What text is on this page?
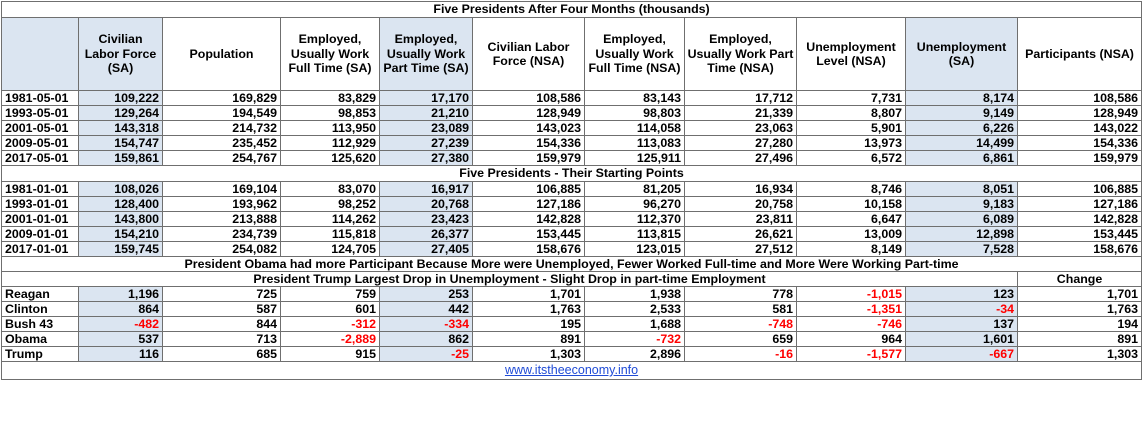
Five Presidents After Four Months (thousands)										
	Civilian Labor Force (SA)	Population	Employed, Usually Work Full Time (SA)	Employed, Usually Work Part Time (SA)	Civilian Labor Force (NSA)	Employed, Usually Work Full Time (NSA)	Employed, Usually Work Part Time (NSA)	Unemployment Level (NSA)	Unemployment (SA)	Participants (NSA)
1981-05-01	109,222	169,829	83,829	17,170	108,586	83,143	17,712	7,731	8,174	108,586
1993-05-01	129,264	194,549	98,853	21,210	128,949	98,803	21,339	8,807	9,149	128,949
2001-05-01	143,318	214,732	113,950	23,089	143,023	114,058	23,063	5,901	6,226	143,022
2009-05-01	154,747	235,452	112,929	27,239	154,336	113,083	27,280	13,973	14,499	154,336
2017-05-01	159,861	254,767	125,620	27,380	159,979	125,911	27,496	6,572	6,861	159,979
Five Presidents - Their Starting Points										
1981-01-01	108,026	169,104	83,070	16,917	106,885	81,205	16,934	8,746	8,051	106,885
1993-01-01	128,400	193,962	98,252	20,768	127,186	96,270	20,758	10,158	9,183	127,186
2001-01-01	143,800	213,888	114,262	23,423	142,828	112,370	23,811	6,647	6,089	142,828
2009-01-01	154,210	234,739	115,818	26,377	153,445	113,815	26,621	13,009	12,898	153,445
2017-01-01	159,745	254,082	124,705	27,405	158,676	123,015	27,512	8,149	7,528	158,676
President Obama had more Participant Because More were Unemployed, Fewer Worked Full-time and More Were Working Part-time										
President Trump Largest Drop in Unemployment - Slight Drop in part-time Employment										Change
Reagan	1,196	725	759	253	1,701	1,938	778	-1,015	123	1,701
Clinton	864	587	601	442	1,763	2,533	581	-1,351	-34	1,763
Bush 43	-482	844	-312	-334	195	1,688	-748	-746	137	194
Obama	537	713	-2,889	862	891	-732	659	964	1,601	891
Trump	116	685	915	-25	1,303	2,896	-16	-1,577	-667	1,303
www.itstheeconomy.info										
